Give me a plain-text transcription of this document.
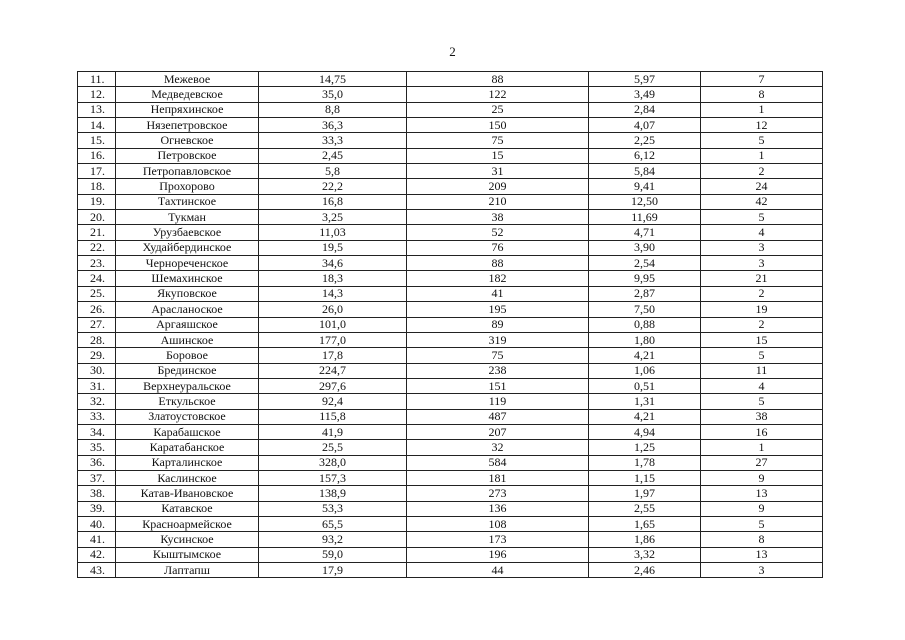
2
11.	Межевое	14,75	88	5,97	7
12.	Медведевское	35,0	122	3,49	8
13.	Непряхинское	8,8	25	2,84	1
14.	Нязепетровское	36,3	150	4,07	12
15.	Огневское	33,3	75	2,25	5
16.	Петровское	2,45	15	6,12	1
17.	Петропавловское	5,8	31	5,84	2
18.	Прохорово	22,2	209	9,41	24
19.	Тахтинское	16,8	210	12,50	42
20.	Тукман	3,25	38	11,69	5
21.	Урузбаевское	11,03	52	4,71	4
22.	Худайбердинское	19,5	76	3,90	3
23.	Чернореченское	34,6	88	2,54	3
24.	Шемахинское	18,3	182	9,95	21
25.	Якуповское	14,3	41	2,87	2
26.	Арасланоское	26,0	195	7,50	19
27.	Аргаяшское	101,0	89	0,88	2
28.	Ашинское	177,0	319	1,80	15
29.	Боровое	17,8	75	4,21	5
30.	Брединское	224,7	238	1,06	11
31.	Верхнеуральское	297,6	151	0,51	4
32.	Еткульское	92,4	119	1,31	5
33.	Златоустовское	115,8	487	4,21	38
34.	Карабашское	41,9	207	4,94	16
35.	Каратабанское	25,5	32	1,25	1
36.	Карталинское	328,0	584	1,78	27
37.	Каслинское	157,3	181	1,15	9
38.	Катав-Ивановское	138,9	273	1,97	13
39.	Катавское	53,3	136	2,55	9
40.	Красноармейское	65,5	108	1,65	5
41.	Кусинское	93,2	173	1,86	8
42.	Кыштымское	59,0	196	3,32	13
43.	Лаптапш	17,9	44	2,46	3
